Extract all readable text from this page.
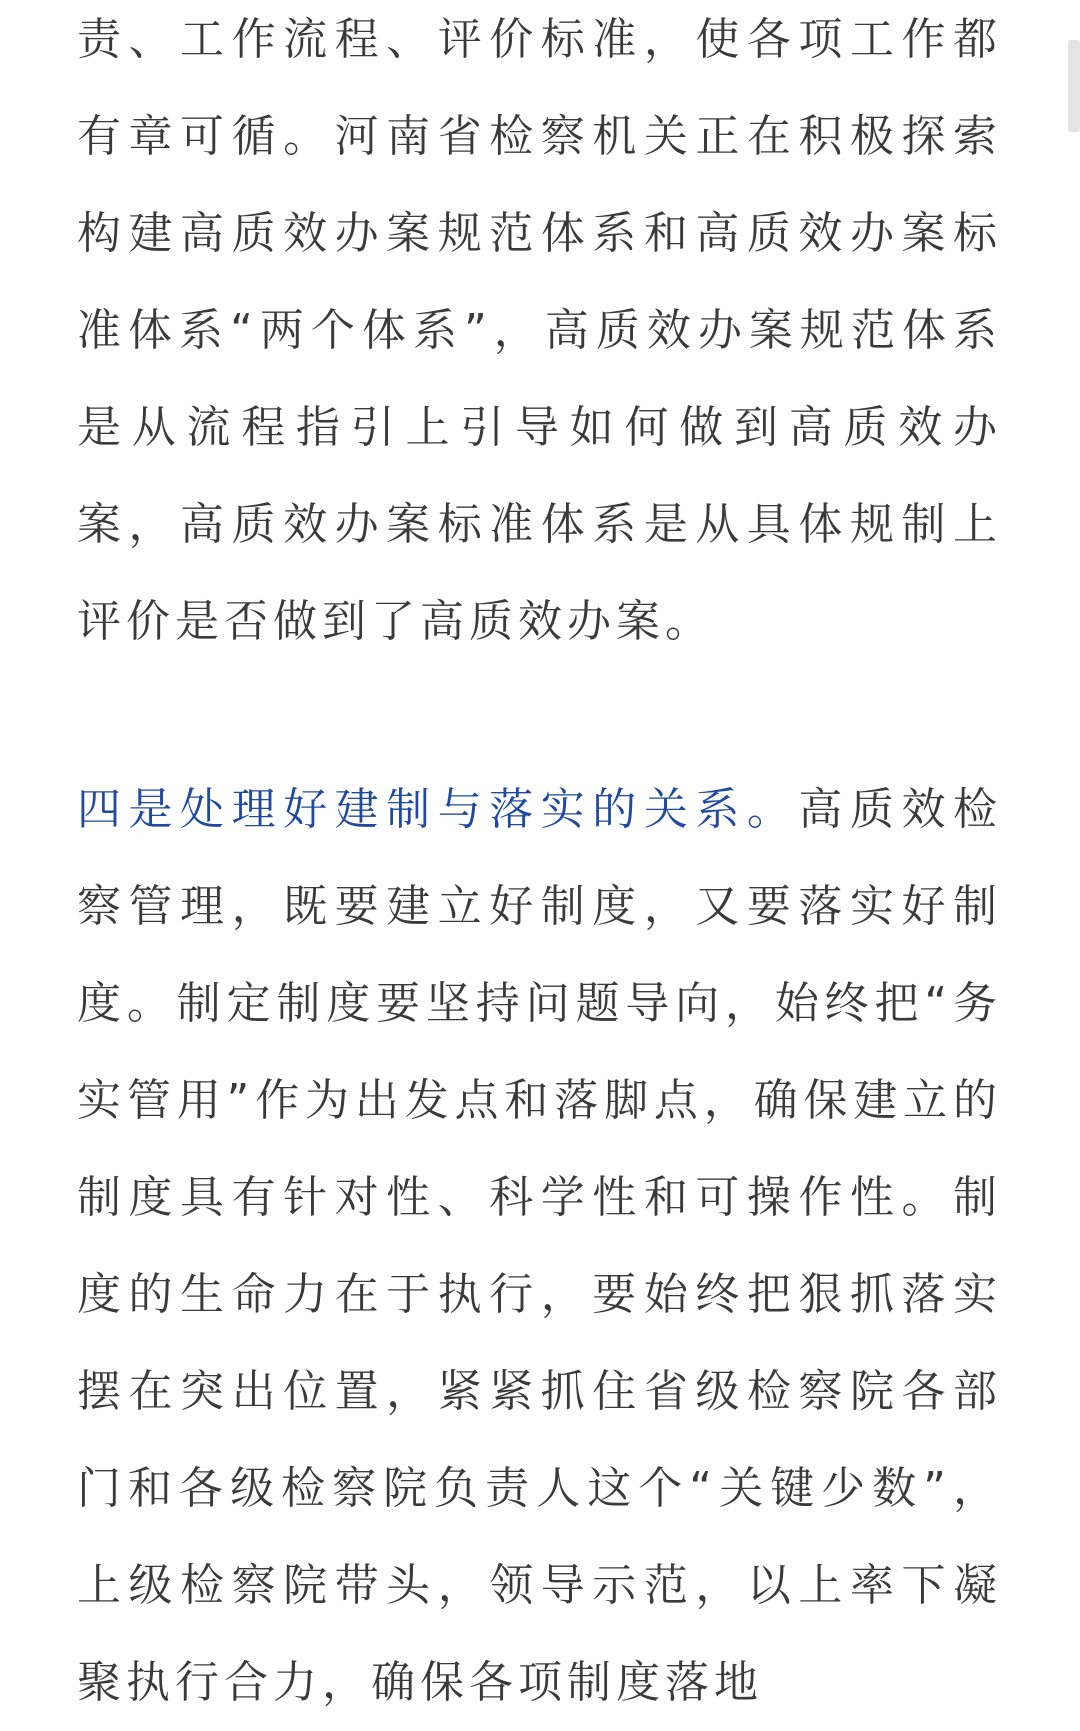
责、工作流程、评价标准，使各项工作都有章可循。河南省检察机关正在积极探索构建高质效办案规范体系和高质效办案标准体系“两个体系”，高质效办案规范体系是从流程指引上引导如何做到高质效办案，高质效办案标准体系是从具体规制上评价是否做到了高质效办案。

四是处理好建制与落实的关系。高质效检察管理，既要建立好制度，又要落实好制度。制定制度要坚持问题导向，始终把“务实管用”作为出发点和落脚点，确保建立的制度具有针对性、科学性和可操作性。制度的生命力在于执行，要始终把狠抓落实摆在突出位置，紧紧抓住省级检察院各部门和各级检察院负责人这个“关键少数”，上级检察院带头，领导示范，以上率下凝聚执行合力，确保各项制度落地
